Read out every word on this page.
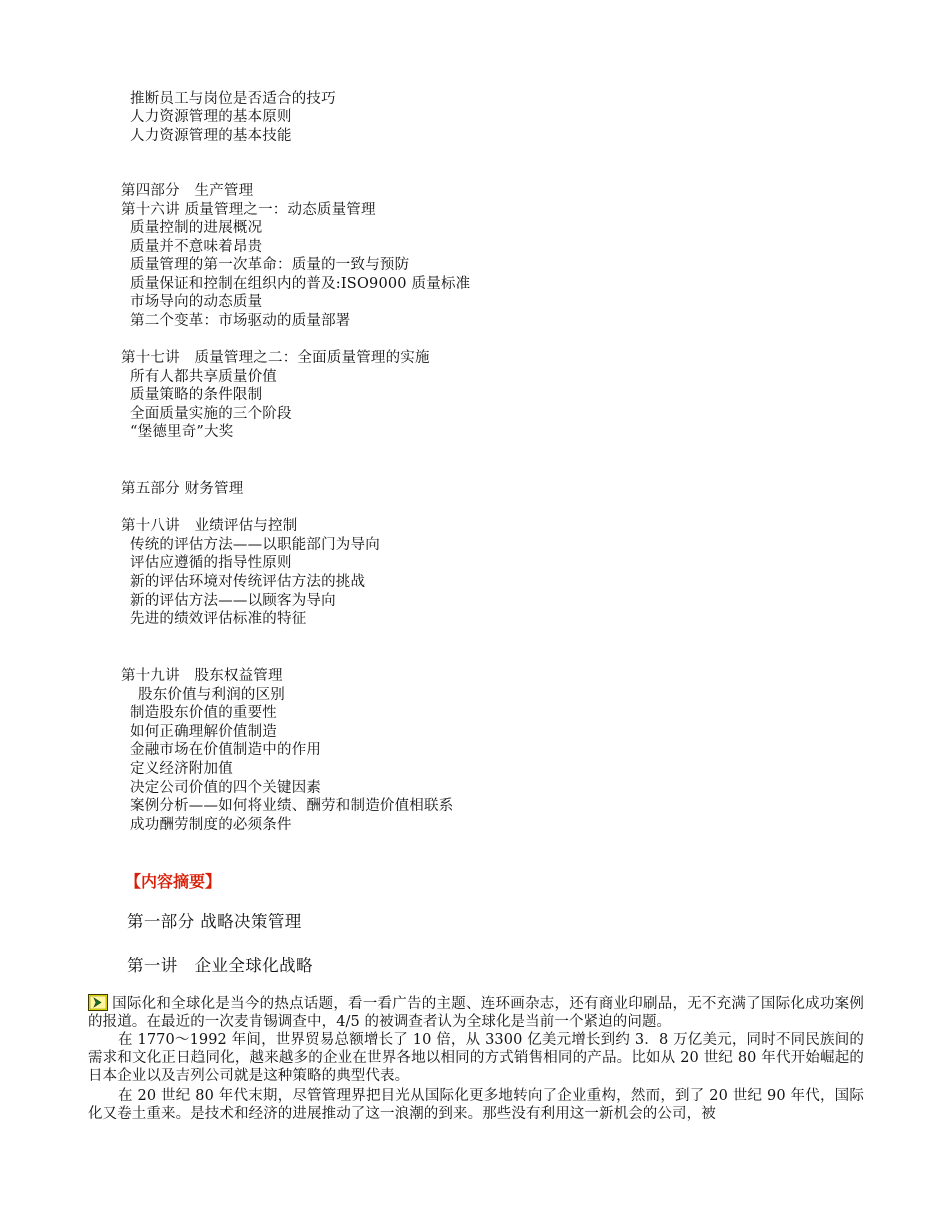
推断员工与岗位是否适合的技巧
人力资源管理的基本原则
人力资源管理的基本技能
第四部分　生产管理
第十六讲 质量管理之一：动态质量管理
质量控制的进展概况
质量并不意味着昂贵
质量管理的第一次革命：质量的一致与预防
质量保证和控制在组织内的普及:ISO9000 质量标准
市场导向的动态质量
第二个变革：市场驱动的质量部署
第十七讲　质量管理之二：全面质量管理的实施
所有人都共享质量价值
质量策略的条件限制
全面质量实施的三个阶段
“堡德里奇”大奖
第五部分 财务管理
第十八讲　业绩评估与控制
传统的评估方法——以职能部门为导向
评估应遵循的指导性原则
新的评估环境对传统评估方法的挑战
新的评估方法——以顾客为导向
先进的绩效评估标准的特征
第十九讲　股东权益管理
股东价值与利润的区别
制造股东价值的重要性
如何正确理解价值制造
金融市场在价值制造中的作用
定义经济附加值
决定公司价值的四个关键因素
案例分析——如何将业绩、酬劳和制造价值相联系
成功酬劳制度的必须条件
【内容摘要】
第一部分 战略决策管理
第一讲　企业全球化战略
国际化和全球化是当今的热点话题，看一看广告的主题、连环画杂志，还有商业印刷品，无不充满了国际化成功案例的报道。在最近的一次麦肯锡调查中，4/5 的被调查者认为全球化是当前一个紧迫的问题。
在 1770～1992 年间，世界贸易总额增长了 10 倍，从 3300 亿美元增长到约 3．8 万亿美元，同时不同民族间的需求和文化正日趋同化，越来越多的企业在世界各地以相同的方式销售相同的产品。比如从 20 世纪 80 年代开始崛起的日本企业以及吉列公司就是这种策略的典型代表。
在 20 世纪 80 年代末期，尽管管理界把目光从国际化更多地转向了企业重构，然而，到了 20 世纪 90 年代，国际化又卷土重来。是技术和经济的进展推动了这一浪潮的到来。那些没有利用这一新机会的公司，被
